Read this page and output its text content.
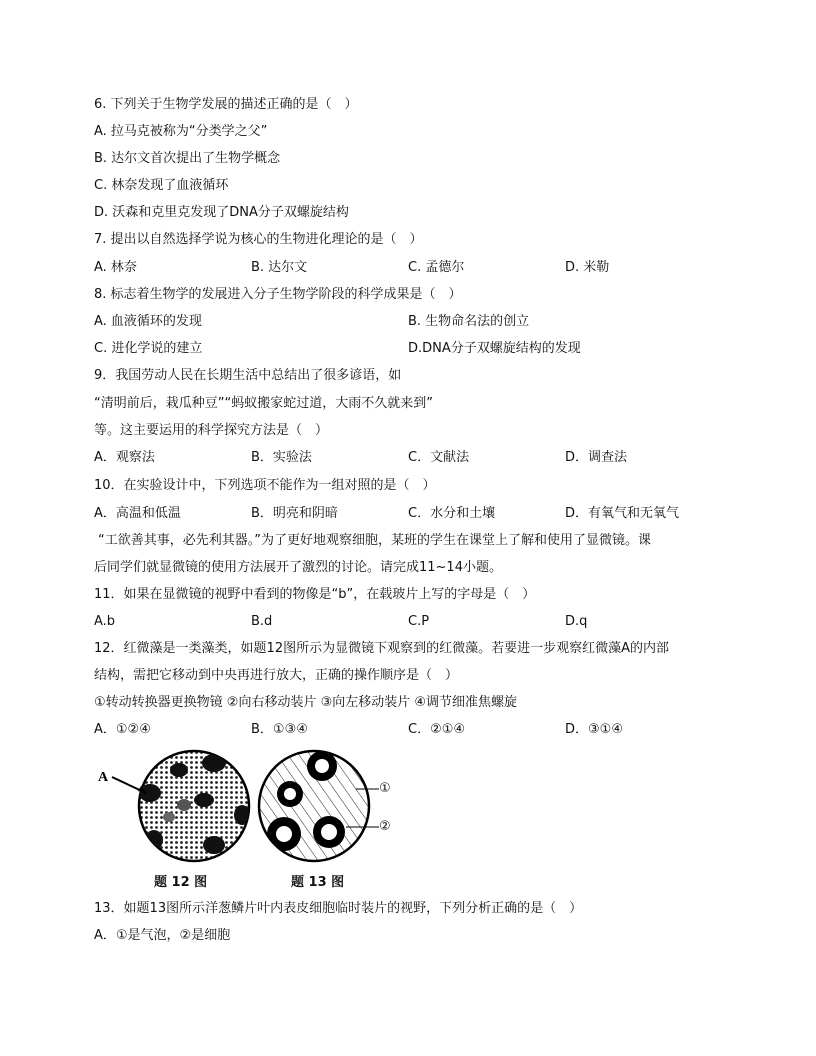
6. 下列关于生物学发展的描述正确的是（　）
A. 拉马克被称为“分类学之父”
B. 达尔文首次提出了生物学概念
C. 林奈发现了血液循环
D. 沃森和克里克发现了DNA分子双螺旋结构
7. 提出以自然选择学说为核心的生物进化理论的是（　）
A. 林奈	B. 达尔文	C. 孟德尔	D. 米勒
8. 标志着生物学的发展进入分子生物学阶段的科学成果是（　）
A. 血液循环的发现	B. 生物命名法的创立
C. 进化学说的建立	D.DNA分子双螺旋结构的发现
9．我国劳动人民在长期生活中总结出了很多谚语，如
“清明前后，栽瓜种豆”“蚂蚁搬家蛇过道，大雨不久就来到”
等。这主要运用的科学探究方法是（　）
A．观察法	B．实验法	C．文献法	D．调查法
10．在实验设计中，下列选项不能作为一组对照的是（　）
A．高温和低温	B．明亮和阴暗	C．水分和土壤	D．有氧气和无氧气
“工欲善其事，必先利其器。”为了更好地观察细胞，某班的学生在课堂上了解和使用了显微镜。课
后同学们就显微镜的使用方法展开了激烈的讨论。请完成11~14小题。
11．如果在显微镜的视野中看到的物像是“b”，在载玻片上写的字母是（　）
A.b	B.d	C.P	D.q
12．红微藻是一类藻类，如题12图所示为显微镜下观察到的红微藻。若要进一步观察红微藻A的内部
结构，需把它移动到中央再进行放大，正确的操作顺序是（　）
①转动转换器更换物镜 ②向右移动装片 ③向左移动装片 ④调节细准焦螺旋
A．①②④	B．①③④	C．②①④	D．③①④
A
①
②
题 12 图	题 13 图
13．如题13图所示洋葱鳞片叶内表皮细胞临时装片的视野，下列分析正确的是（　）
A．①是气泡，②是细胞
